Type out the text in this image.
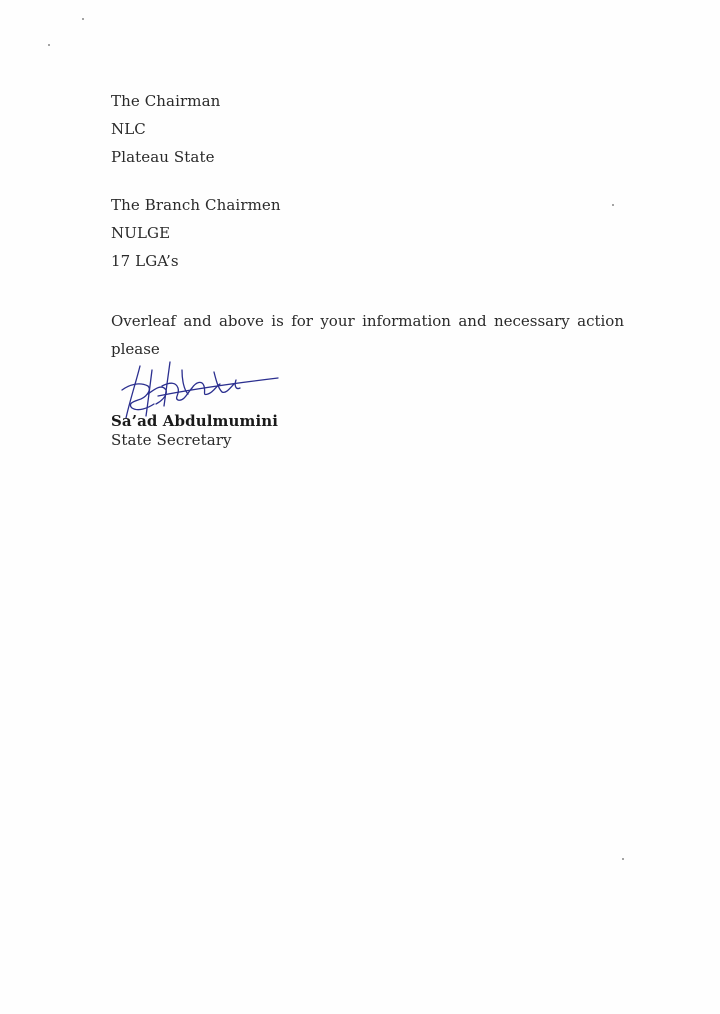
The Chairman
NLC
Plateau State
The Branch Chairmen
NULGE
17 LGA’s
Overleaf and above is for your information and necessary action please
Sa’ad Abdulmumini
State Secretary
